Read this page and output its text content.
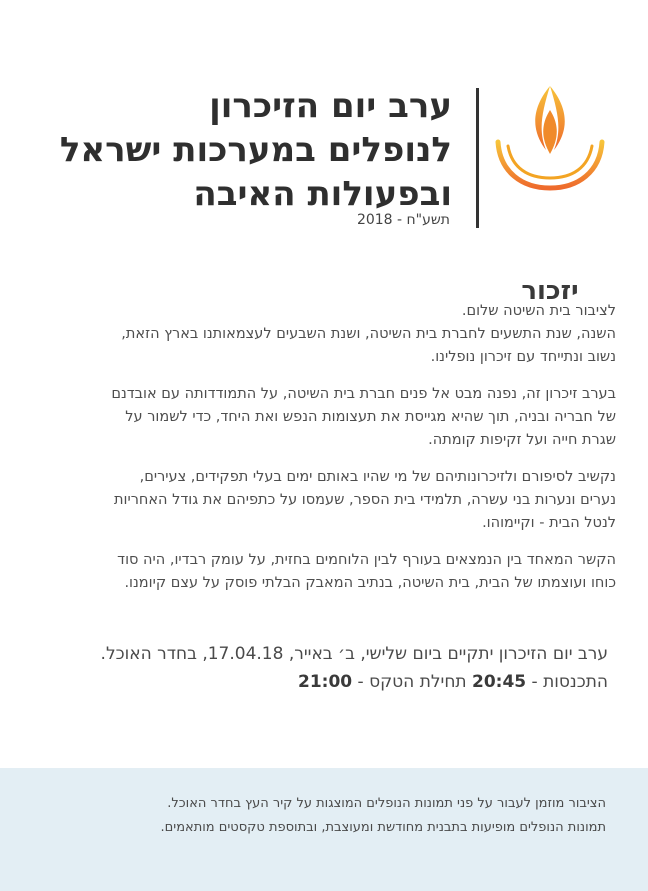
יזכור
ערב יום הזיכרון
לנופלים במערכות ישראל
ובפעולות האיבה
תשע"ח - 2018

לציבור בית השיטה שלום.
השנה, שנת התשעים לחברת בית השיטה, ושנת השבעים לעצמאותנו בארץ הזאת,
נשוב ונתייחד עם זיכרון נופלינו.

בערב זיכרון זה, נפנה מבט אל פנים חברת בית השיטה, על התמודדותה עם אובדנם
של חבריה ובניה, תוך שהיא מגייסת את תעצומות הנפש ואת היחד, כדי לשמור על
שגרת חייה ועל זקיפות קומתה.

נקשיב לסיפורם ולזיכרונותיהם של מי שהיו באותם ימים בעלי תפקידים, צעירים,
נערים ונערות בני עשרה, תלמידי בית הספר, שעמסו על כתפיהם את גודל האחריות
לנטל הבית - וקיימוהו.

הקשר המאחד בין הנמצאים בעורף לבין הלוחמים בחזית, על עומק רבדיו, היה סוד
כוחו ועוצמתו של הבית, בית השיטה, בנתיב המאבק הבלתי פוסק על עצם קיומנו.

ערב יום הזיכרון יתקיים ביום שלישי, ב׳ באייר, 17.04.18, בחדר האוכל.
התכנסות - 20:45 תחילת הטקס - 21:00
הציבור מוזמן לעבור על פני תמונות הנופלים המוצגות על קיר העץ בחדר האוכל.
תמונות הנופלים מופיעות בתבנית מחודשת ומעוצבת, ובתוספת טקסטים מותאמים.
